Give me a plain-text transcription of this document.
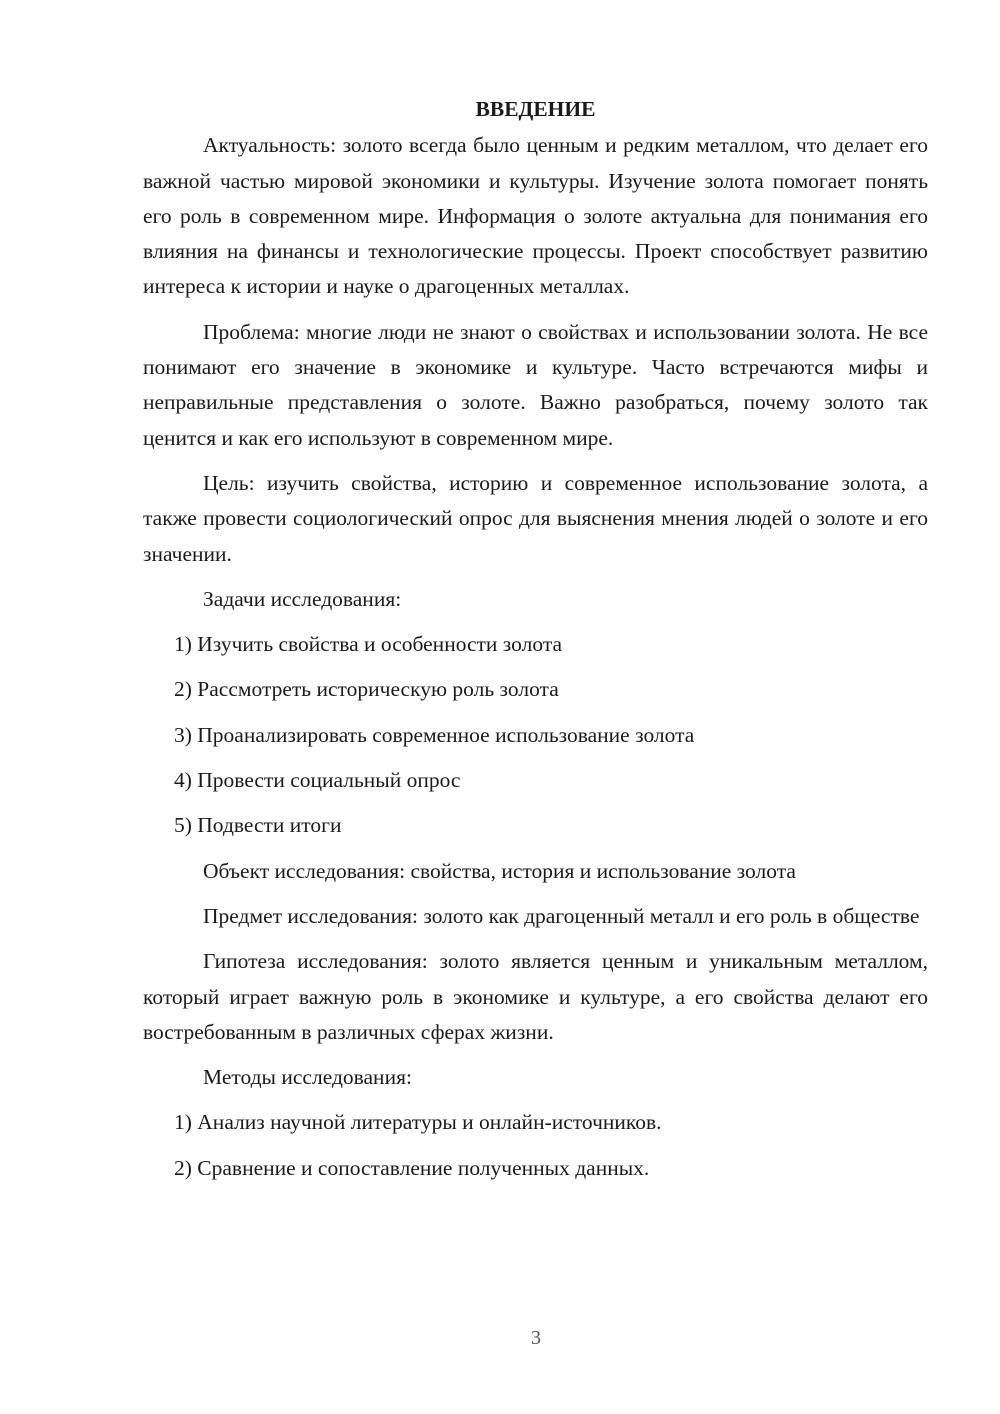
ВВЕДЕНИЕ

Актуальность: золото всегда было ценным и редким металлом, что делает его важной частью мировой экономики и культуры. Изучение золота помогает понять его роль в современном мире. Информация о золоте актуальна для понимания его влияния на финансы и технологические процессы. Проект способствует развитию интереса к истории и науке о драгоценных металлах.

Проблема: многие люди не знают о свойствах и использовании золота. Не все понимают его значение в экономике и культуре. Часто встречаются мифы и неправильные представления о золоте. Важно разобраться, почему золото так ценится и как его используют в современном мире.

Цель: изучить свойства, историю и современное использование золота, а также провести социологический опрос для выяснения мнения людей о золоте и его значении.

Задачи исследования:

1) Изучить свойства и особенности золота

2) Рассмотреть историческую роль золота

3) Проанализировать современное использование золота

4) Провести социальный опрос

5) Подвести итоги

Объект исследования: свойства, история и использование золота

Предмет исследования: золото как драгоценный металл и его роль в обществе

Гипотеза исследования: золото является ценным и уникальным металлом, который играет важную роль в экономике и культуре, а его свойства делают его востребованным в различных сферах жизни.

Методы исследования:

1) Анализ научной литературы и онлайн-источников.

2) Сравнение и сопоставление полученных данных.

3
